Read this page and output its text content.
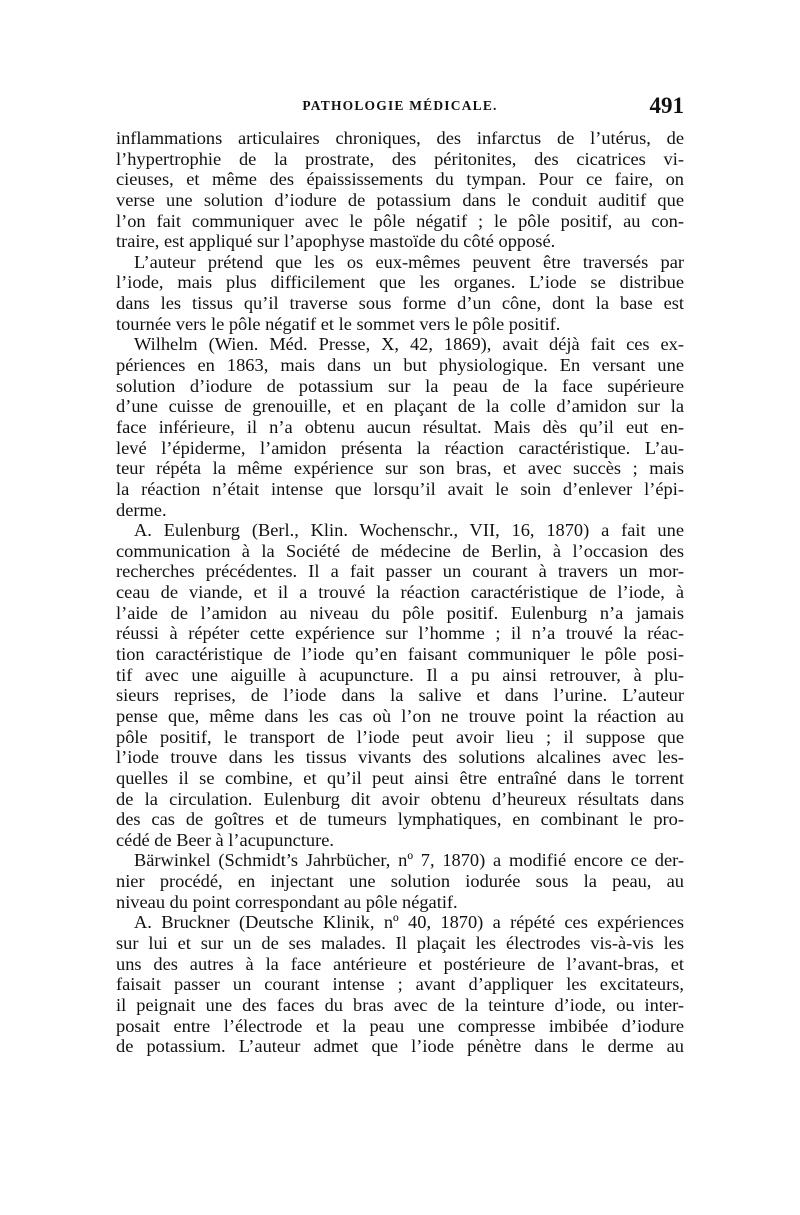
PATHOLOGIE MÉDICALE.	491
inflammations articulaires chroniques, des infarctus de l’utérus, de
l’hypertrophie de la prostrate, des péritonites, des cicatrices vi-
cieuses, et même des épaississements du tympan. Pour ce faire, on
verse une solution d’iodure de potassium dans le conduit auditif que
l’on fait communiquer avec le pôle négatif ; le pôle positif, au con-
traire, est appliqué sur l’apophyse mastoïde du côté opposé.
L’auteur prétend que les os eux-mêmes peuvent être traversés par
l’iode, mais plus difficilement que les organes. L’iode se distribue
dans les tissus qu’il traverse sous forme d’un cône, dont la base est
tournée vers le pôle négatif et le sommet vers le pôle positif.
Wilhelm (Wien. Méd. Presse, X, 42, 1869), avait déjà fait ces ex-
périences en 1863, mais dans un but physiologique. En versant une
solution d’iodure de potassium sur la peau de la face supérieure
d’une cuisse de grenouille, et en plaçant de la colle d’amidon sur la
face inférieure, il n’a obtenu aucun résultat. Mais dès qu’il eut en-
levé l’épiderme, l’amidon présenta la réaction caractéristique. L’au-
teur répéta la même expérience sur son bras, et avec succès ; mais
la réaction n’était intense que lorsqu’il avait le soin d’enlever l’épi-
derme.
A. Eulenburg (Berl., Klin. Wochenschr., VII, 16, 1870) a fait une
communication à la Société de médecine de Berlin, à l’occasion des
recherches précédentes. Il a fait passer un courant à travers un mor-
ceau de viande, et il a trouvé la réaction caractéristique de l’iode, à
l’aide de l’amidon au niveau du pôle positif. Eulenburg n’a jamais
réussi à répéter cette expérience sur l’homme ; il n’a trouvé la réac-
tion caractéristique de l’iode qu’en faisant communiquer le pôle posi-
tif avec une aiguille à acupuncture. Il a pu ainsi retrouver, à plu-
sieurs reprises, de l’iode dans la salive et dans l’urine. L’auteur
pense que, même dans les cas où l’on ne trouve point la réaction au
pôle positif, le transport de l’iode peut avoir lieu ; il suppose que
l’iode trouve dans les tissus vivants des solutions alcalines avec les-
quelles il se combine, et qu’il peut ainsi être entraîné dans le torrent
de la circulation. Eulenburg dit avoir obtenu d’heureux résultats dans
des cas de goîtres et de tumeurs lymphatiques, en combinant le pro-
cédé de Beer à l’acupuncture.
Bärwinkel (Schmidt’s Jahrbücher, nº 7, 1870) a modifié encore ce der-
nier procédé, en injectant une solution iodurée sous la peau, au
niveau du point correspondant au pôle négatif.
A. Bruckner (Deutsche Klinik, nº 40, 1870) a répété ces expériences
sur lui et sur un de ses malades. Il plaçait les électrodes vis-à-vis les
uns des autres à la face antérieure et postérieure de l’avant-bras, et
faisait passer un courant intense ; avant d’appliquer les excitateurs,
il peignait une des faces du bras avec de la teinture d’iode, ou inter-
posait entre l’électrode et la peau une compresse imbibée d’iodure
de potassium. L’auteur admet que l’iode pénètre dans le derme au
